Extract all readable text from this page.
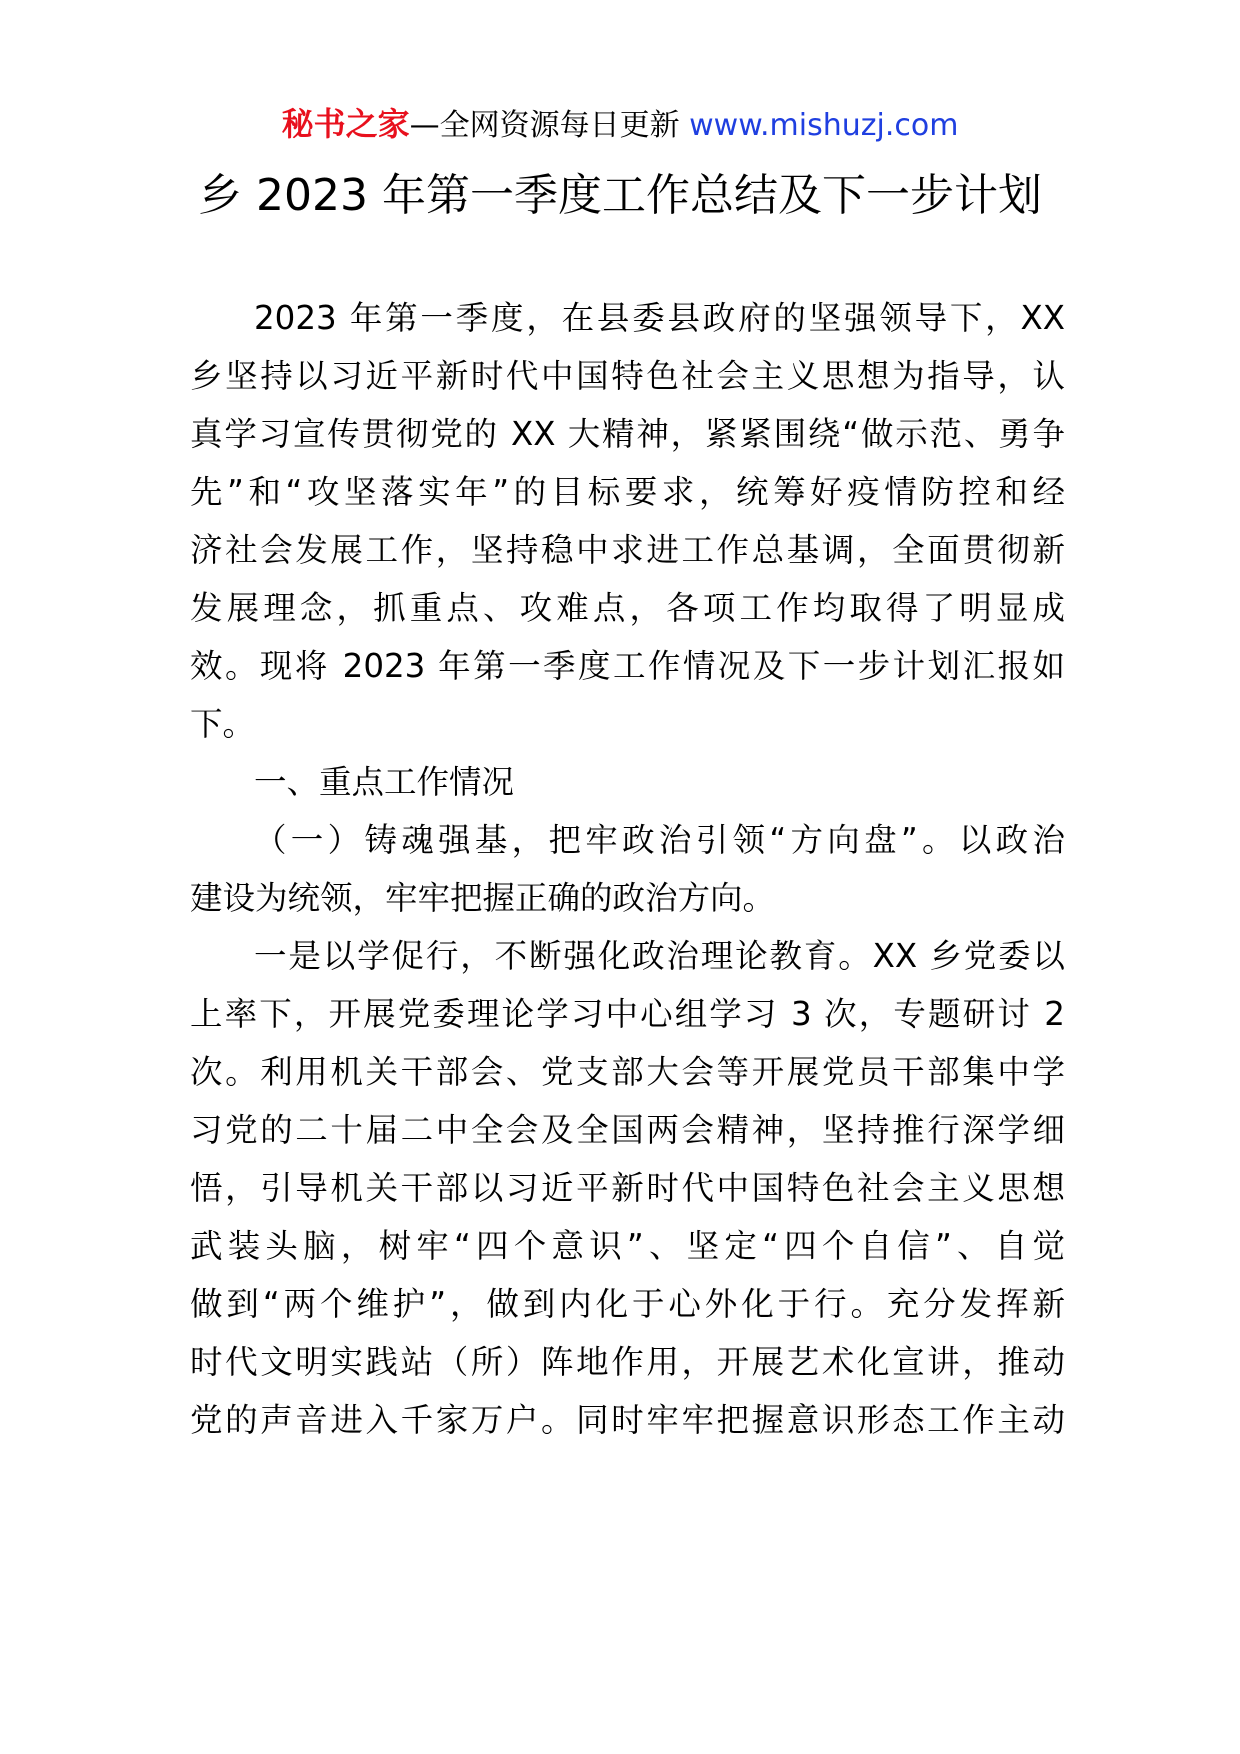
秘书之家—全网资源每日更新 www.mishuzj.com
乡 2023 年第一季度工作总结及下一步计划
2023 年第一季度，在县委县政府的坚强领导下，XX
乡坚持以习近平新时代中国特色社会主义思想为指导，认
真学习宣传贯彻党的 XX 大精神，紧紧围绕“做示范、勇争
先”和“攻坚落实年”的目标要求，统筹好疫情防控和经
济社会发展工作，坚持稳中求进工作总基调，全面贯彻新
发展理念，抓重点、攻难点，各项工作均取得了明显成
效。现将 2023 年第一季度工作情况及下一步计划汇报如
下。
一、重点工作情况
（一）铸魂强基，把牢政治引领“方向盘”。以政治
建设为统领，牢牢把握正确的政治方向。
一是以学促行，不断强化政治理论教育。XX 乡党委以
上率下，开展党委理论学习中心组学习 3 次，专题研讨 2
次。利用机关干部会、党支部大会等开展党员干部集中学
习党的二十届二中全会及全国两会精神，坚持推行深学细
悟，引导机关干部以习近平新时代中国特色社会主义思想
武装头脑，树牢“四个意识”、坚定“四个自信”、自觉
做到“两个维护”，做到内化于心外化于行。充分发挥新
时代文明实践站（所）阵地作用，开展艺术化宣讲，推动
党的声音进入千家万户。同时牢牢把握意识形态工作主动
